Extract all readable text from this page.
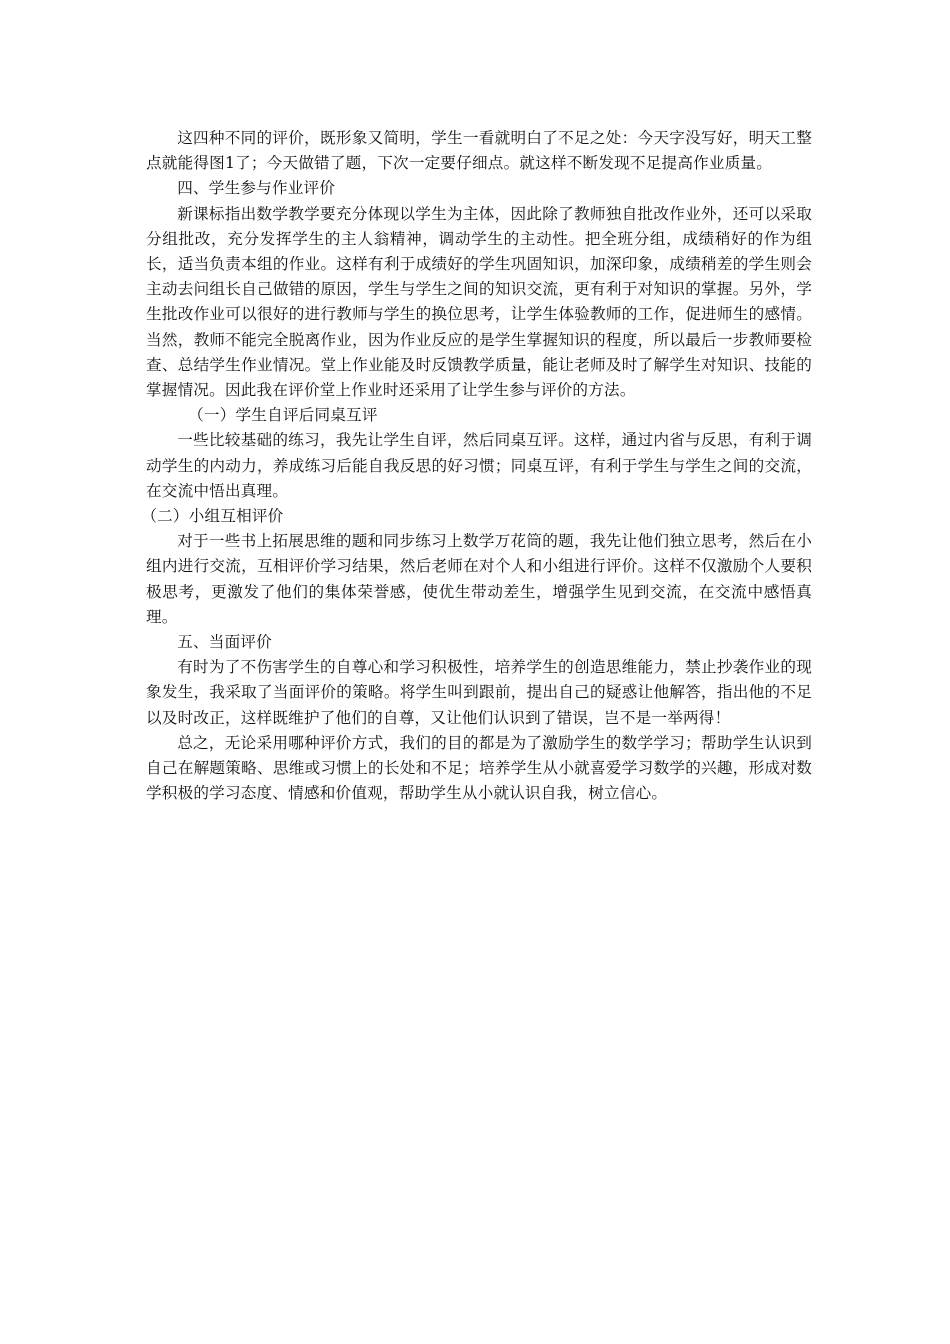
这四种不同的评价，既形象又简明，学生一看就明白了不足之处：今天字没写好，明天工整点就能得图1了；今天做错了题，下次一定要仔细点。就这样不断发现不足提高作业质量。

四、学生参与作业评价

新课标指出数学教学要充分体现以学生为主体，因此除了教师独自批改作业外，还可以采取分组批改，充分发挥学生的主人翁精神，调动学生的主动性。把全班分组，成绩稍好的作为组长，适当负责本组的作业。这样有利于成绩好的学生巩固知识，加深印象，成绩稍差的学生则会主动去问组长自己做错的原因，学生与学生之间的知识交流，更有利于对知识的掌握。另外，学生批改作业可以很好的进行教师与学生的换位思考，让学生体验教师的工作，促进师生的感情。当然，教师不能完全脱离作业，因为作业反应的是学生掌握知识的程度，所以最后一步教师要检查、总结学生作业情况。堂上作业能及时反馈教学质量，能让老师及时了解学生对知识、技能的掌握情况。因此我在评价堂上作业时还采用了让学生参与评价的方法。

（一）学生自评后同桌互评

一些比较基础的练习，我先让学生自评，然后同桌互评。这样，通过内省与反思，有利于调动学生的内动力，养成练习后能自我反思的好习惯；同桌互评，有利于学生与学生之间的交流，在交流中悟出真理。

（二）小组互相评价

对于一些书上拓展思维的题和同步练习上数学万花筒的题，我先让他们独立思考，然后在小组内进行交流，互相评价学习结果，然后老师在对个人和小组进行评价。这样不仅激励个人要积极思考，更激发了他们的集体荣誉感，使优生带动差生，增强学生见到交流，在交流中感悟真理。

五、当面评价

有时为了不伤害学生的自尊心和学习积极性，培养学生的创造思维能力，禁止抄袭作业的现象发生，我采取了当面评价的策略。将学生叫到跟前，提出自己的疑惑让他解答，指出他的不足以及时改正，这样既维护了他们的自尊，又让他们认识到了错误，岂不是一举两得！

总之，无论采用哪种评价方式，我们的目的都是为了激励学生的数学学习；帮助学生认识到自己在解题策略、思维或习惯上的长处和不足；培养学生从小就喜爱学习数学的兴趣，形成对数学积极的学习态度、情感和价值观，帮助学生从小就认识自我，树立信心。
